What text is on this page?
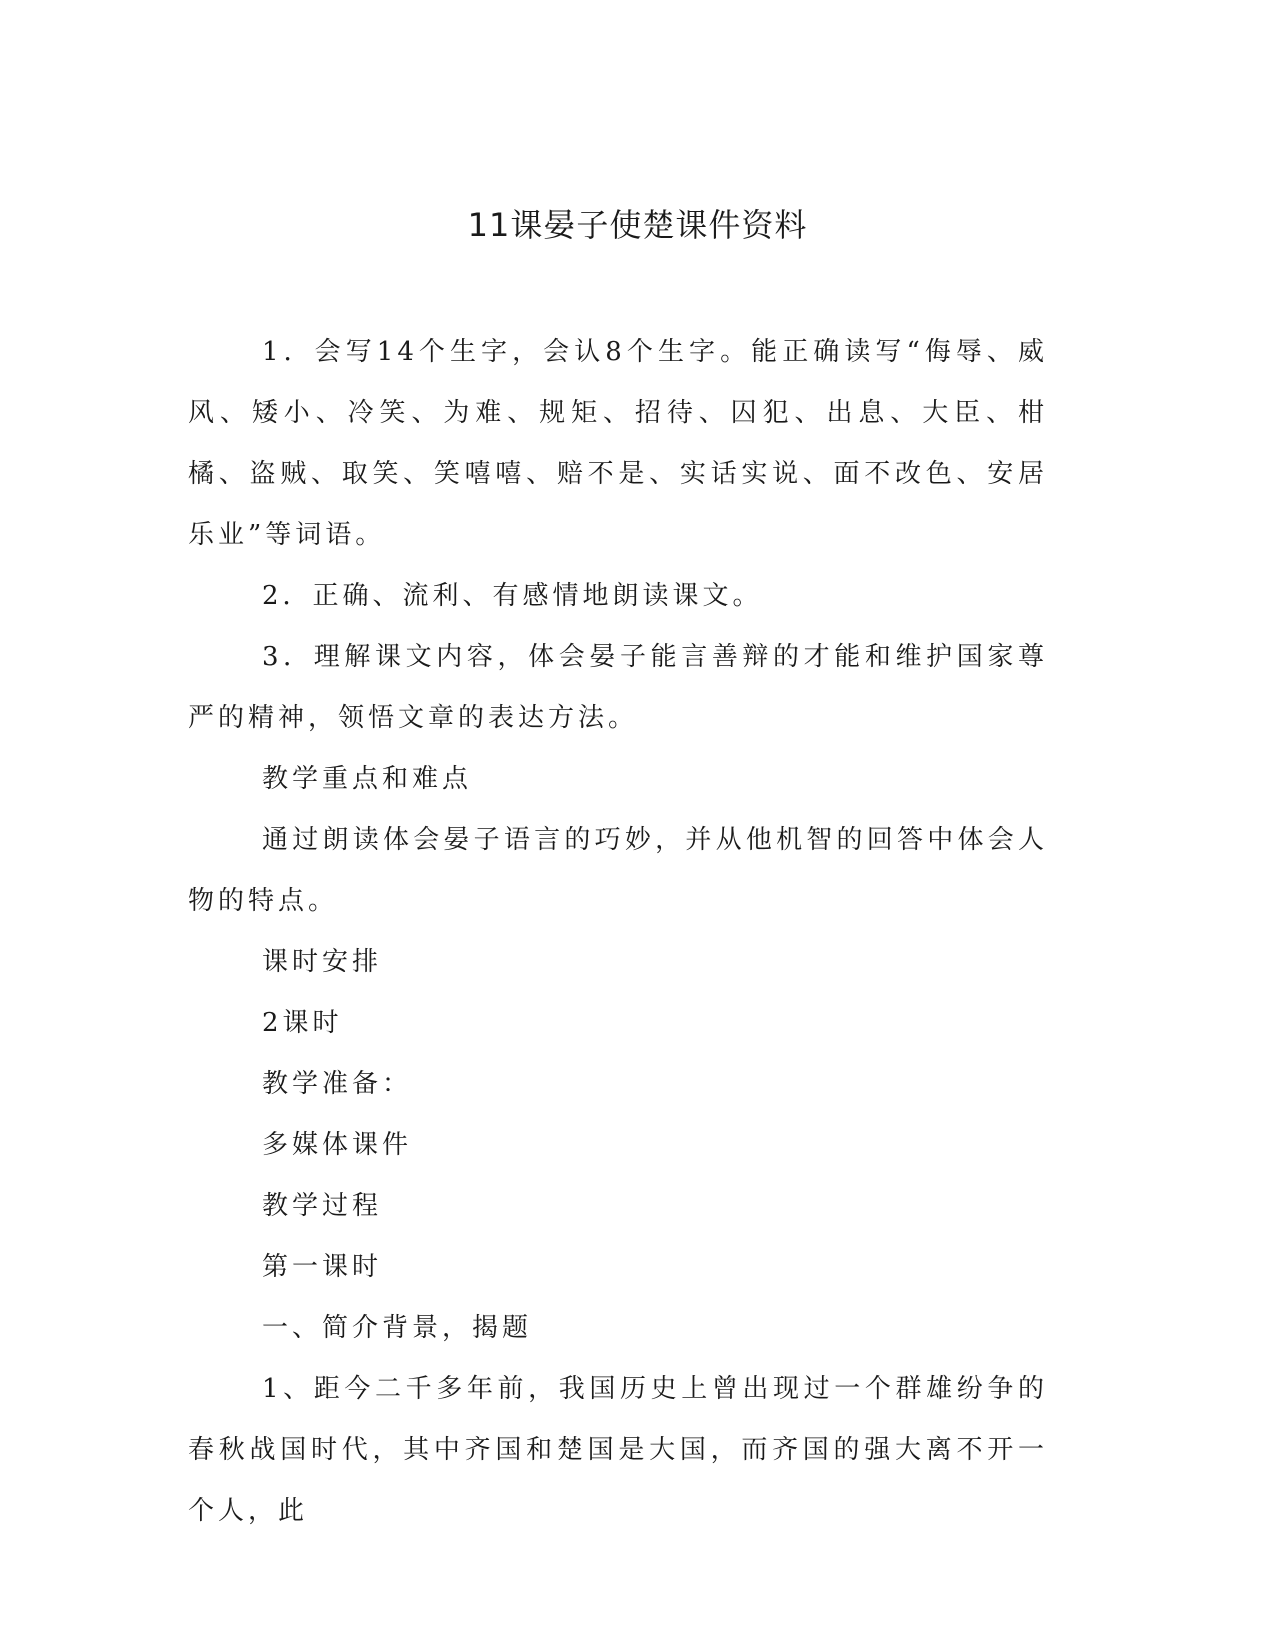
11课晏子使楚课件资料

1．会写14个生字，会认8个生字。能正确读写“侮辱、威风、矮小、冷笑、为难、规矩、招待、囚犯、出息、大臣、柑橘、盗贼、取笑、笑嘻嘻、赔不是、实话实说、面不改色、安居乐业”等词语。

2．正确、流利、有感情地朗读课文。

3．理解课文内容，体会晏子能言善辩的才能和维护国家尊严的精神，领悟文章的表达方法。

教学重点和难点

通过朗读体会晏子语言的巧妙，并从他机智的回答中体会人物的特点。

课时安排

2课时

教学准备：

多媒体课件

教学过程

第一课时

一、简介背景，揭题

1、距今二千多年前，我国历史上曾出现过一个群雄纷争的春秋战国时代，其中齐国和楚国是大国，而齐国的强大离不开一个人，此
